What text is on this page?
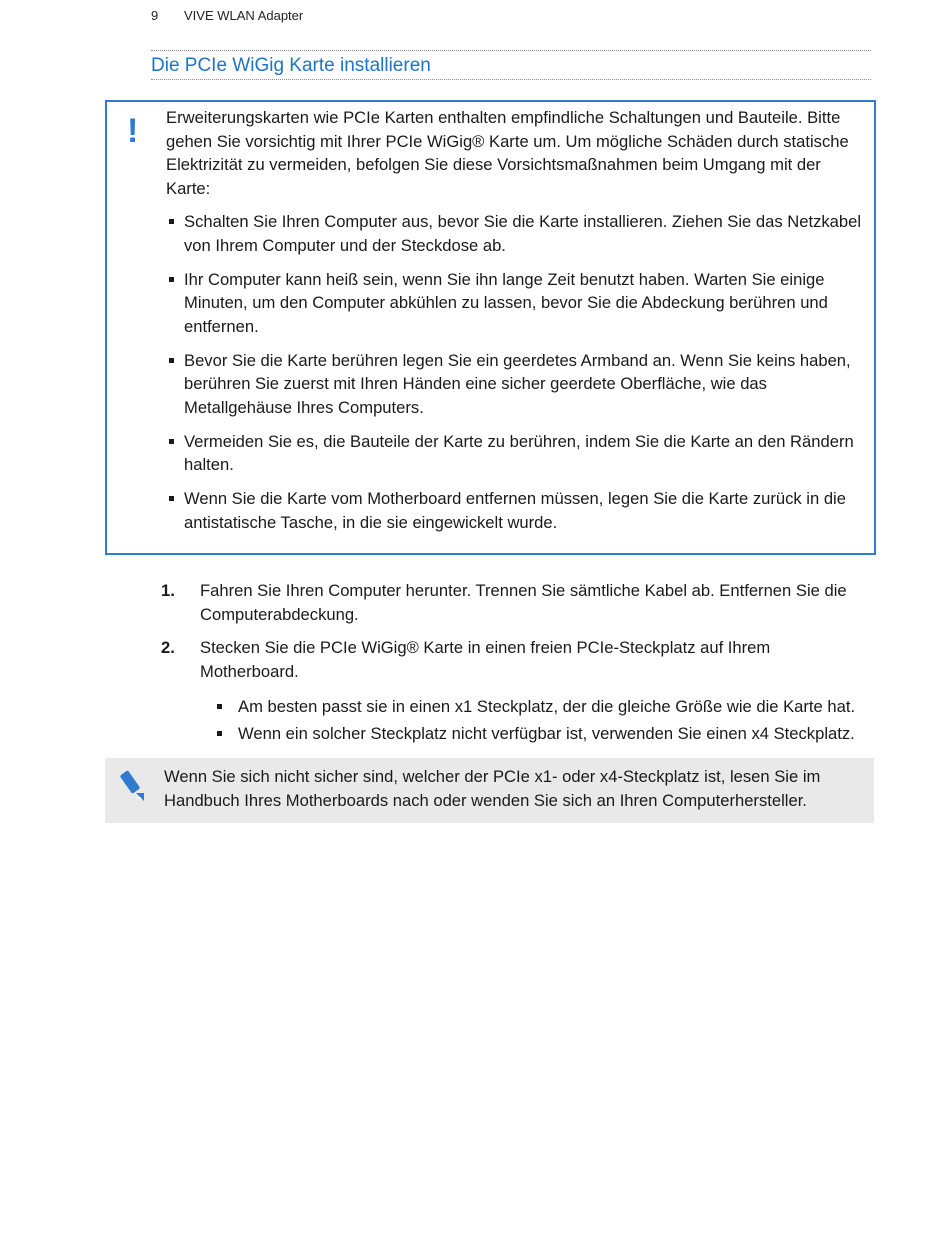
9 VIVE WLAN Adapter
Die PCIe WiGig Karte installieren
! Erweiterungskarten wie PCIe Karten enthalten empfindliche Schaltungen und Bauteile. Bitte gehen Sie vorsichtig mit Ihrer PCIe WiGig® Karte um. Um mögliche Schäden durch statische Elektrizität zu vermeiden, befolgen Sie diese Vorsichtsmaßnahmen beim Umgang mit der Karte:

Schalten Sie Ihren Computer aus, bevor Sie die Karte installieren. Ziehen Sie das Netzkabel von Ihrem Computer und der Steckdose ab.
Ihr Computer kann heiß sein, wenn Sie ihn lange Zeit benutzt haben. Warten Sie einige Minuten, um den Computer abkühlen zu lassen, bevor Sie die Abdeckung berühren und entfernen.
Bevor Sie die Karte berühren legen Sie ein geerdetes Armband an. Wenn Sie keins haben, berühren Sie zuerst mit Ihren Händen eine sicher geerdete Oberfläche, wie das Metallgehäuse Ihres Computers.
Vermeiden Sie es, die Bauteile der Karte zu berühren, indem Sie die Karte an den Rändern halten.
Wenn Sie die Karte vom Motherboard entfernen müssen, legen Sie die Karte zurück in die antistatische Tasche, in die sie eingewickelt wurde.
1. Fahren Sie Ihren Computer herunter. Trennen Sie sämtliche Kabel ab. Entfernen Sie die Computerabdeckung.
2. Stecken Sie die PCIe WiGig® Karte in einen freien PCIe-Steckplatz auf Ihrem Motherboard.
Am besten passt sie in einen x1 Steckplatz, der die gleiche Größe wie die Karte hat.
Wenn ein solcher Steckplatz nicht verfügbar ist, verwenden Sie einen x4 Steckplatz.
Wenn Sie sich nicht sicher sind, welcher der PCIe x1- oder x4-Steckplatz ist, lesen Sie im Handbuch Ihres Motherboards nach oder wenden Sie sich an Ihren Computerhersteller.
